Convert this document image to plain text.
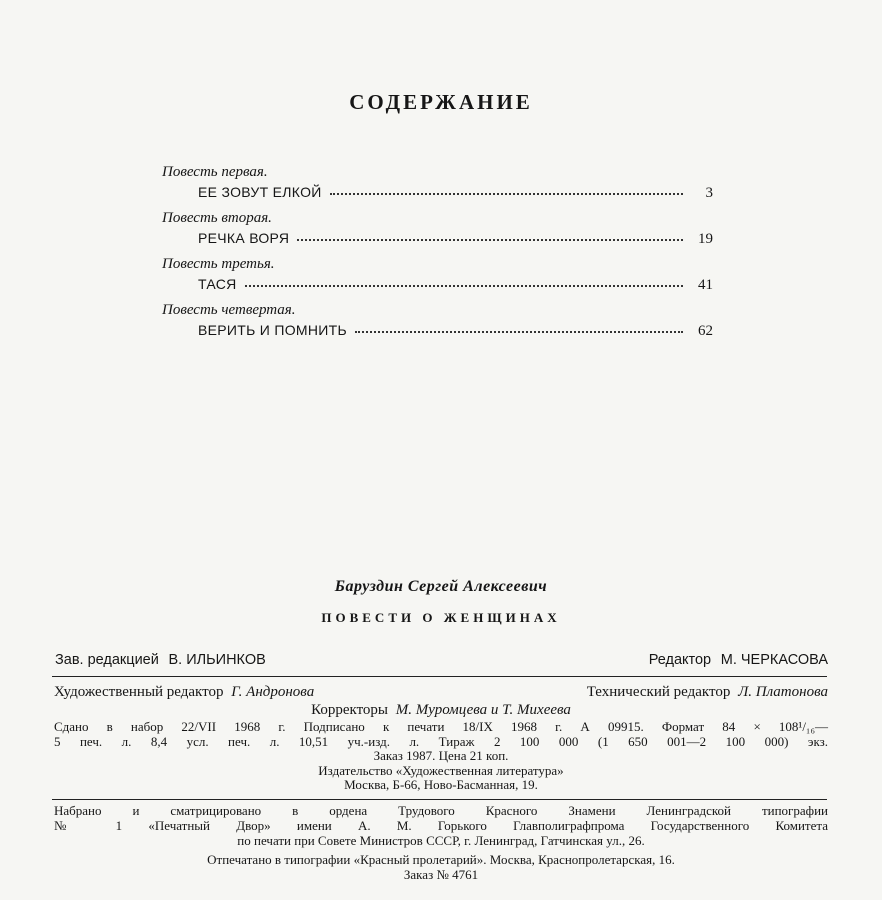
СОДЕРЖАНИЕ
Повесть первая.
ЕЕ ЗОВУТ ЕЛКОЙ	3
Повесть вторая.
РЕЧКА ВОРЯ	19
Повесть третья.
ТАСЯ	41
Повесть четвертая.
ВЕРИТЬ И ПОМНИТЬ	62
Баруздин Сергей Алексеевич
ПОВЕСТИ О ЖЕНЩИНАХ
Зав. редакцией В. ИЛЬИНКОВ	Редактор М. ЧЕРКАСОВА
Художественный редактор Г. Андронова	Технический редактор Л. Платонова
Корректоры М. Муромцева и Т. Михеева
Сдано в набор 22/VII 1968 г. Подписано к печати 18/IX 1968 г. А 09915. Формат 84 × 108¹/₁₆—
5 печ. л. 8,4 усл. печ. л. 10,51 уч.-изд. л. Тираж 2 100 000 (1 650 001—2 100 000) экз.
Заказ 1987. Цена 21 коп.
Издательство «Художественная литература»
Москва, Б-66, Ново-Басманная, 19.
Набрано и сматрицировано в ордена Трудового Красного Знамени Ленинградской типографии
№ 1 «Печатный Двор» имени А. М. Горького Главполиграфпрома Государственного Комитета
по печати при Совете Министров СССР, г. Ленинград, Гатчинская ул., 26.
Отпечатано в типографии «Красный пролетарий». Москва, Краснопролетарская, 16.
Заказ № 4761
